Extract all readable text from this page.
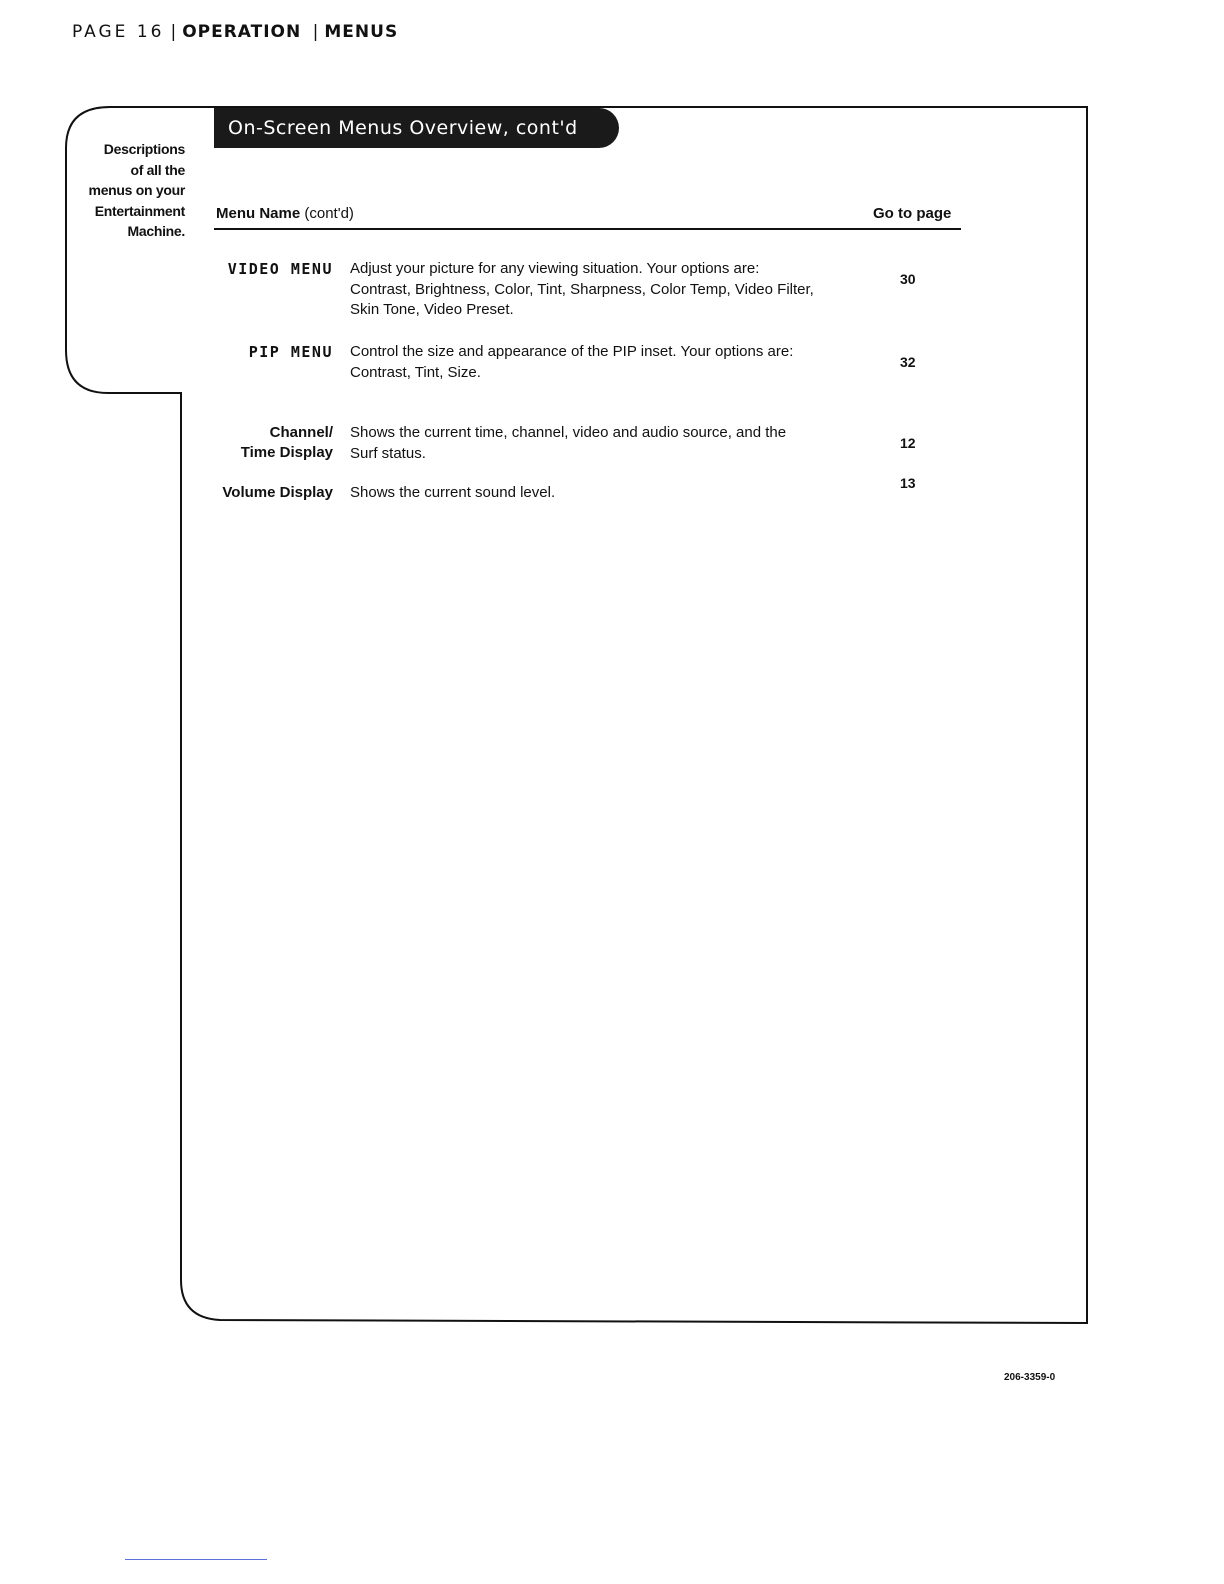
PAGE 16 | OPERATION | MENUS
On-Screen Menus Overview, cont'd
Descriptions
of all the
menus on your
Entertainment
Machine.
Menu Name (cont'd)	Go to page
VIDEO MENU Adjust your picture for any viewing situation. Your options are:
Contrast, Brightness, Color, Tint, Sharpness, Color Temp, Video Filter,
Skin Tone, Video Preset.
30
PIP MENU Control the size and appearance of the PIP inset. Your options are:
Contrast, Tint, Size.
32
Channel/
Time Display
Shows the current time, channel, video and audio source, and the
Surf status.
12
Volume Display Shows the current sound level.
13
206-3359-0
